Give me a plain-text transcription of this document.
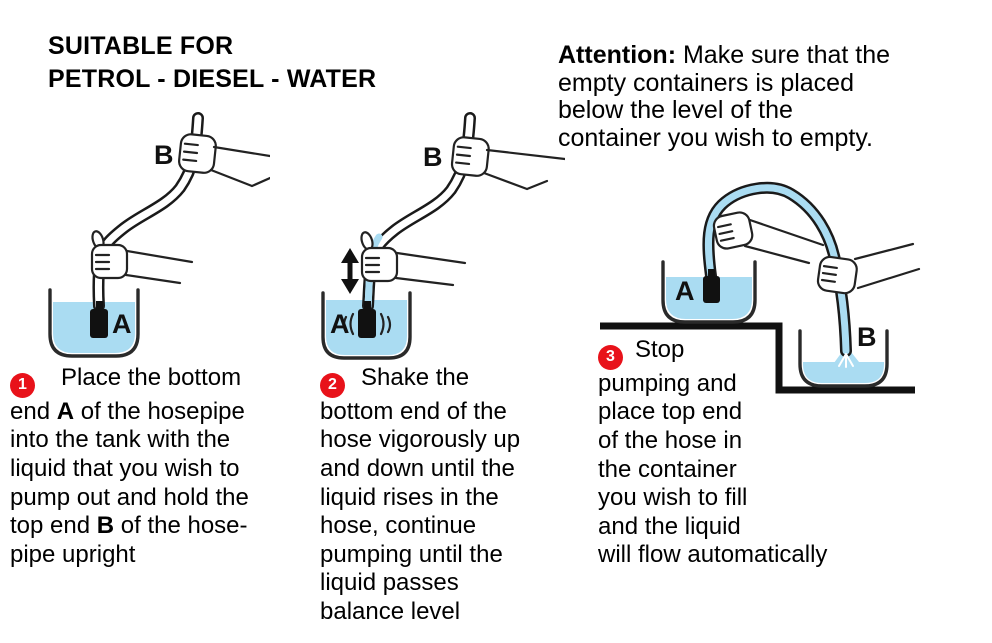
SUITABLE FOR
PETROL - DIESEL - WATER
Attention: Make sure that the
empty containers is placed
below the level of the
container you wish to empty.
B
A
B
A
A
B
1 Place the bottom
end A of the hosepipe
into the tank with the
liquid that you wish to
pump out and hold the
top end B of the hose-
pipe upright
2 Shake the
bottom end of the
hose vigorously up
and down until the
liquid rises in the
hose, continue
pumping until the
liquid passes
balance level
3 Stop
pumping and
place top end
of the hose in
the container
you wish to fill
and the liquid
will flow automatically
